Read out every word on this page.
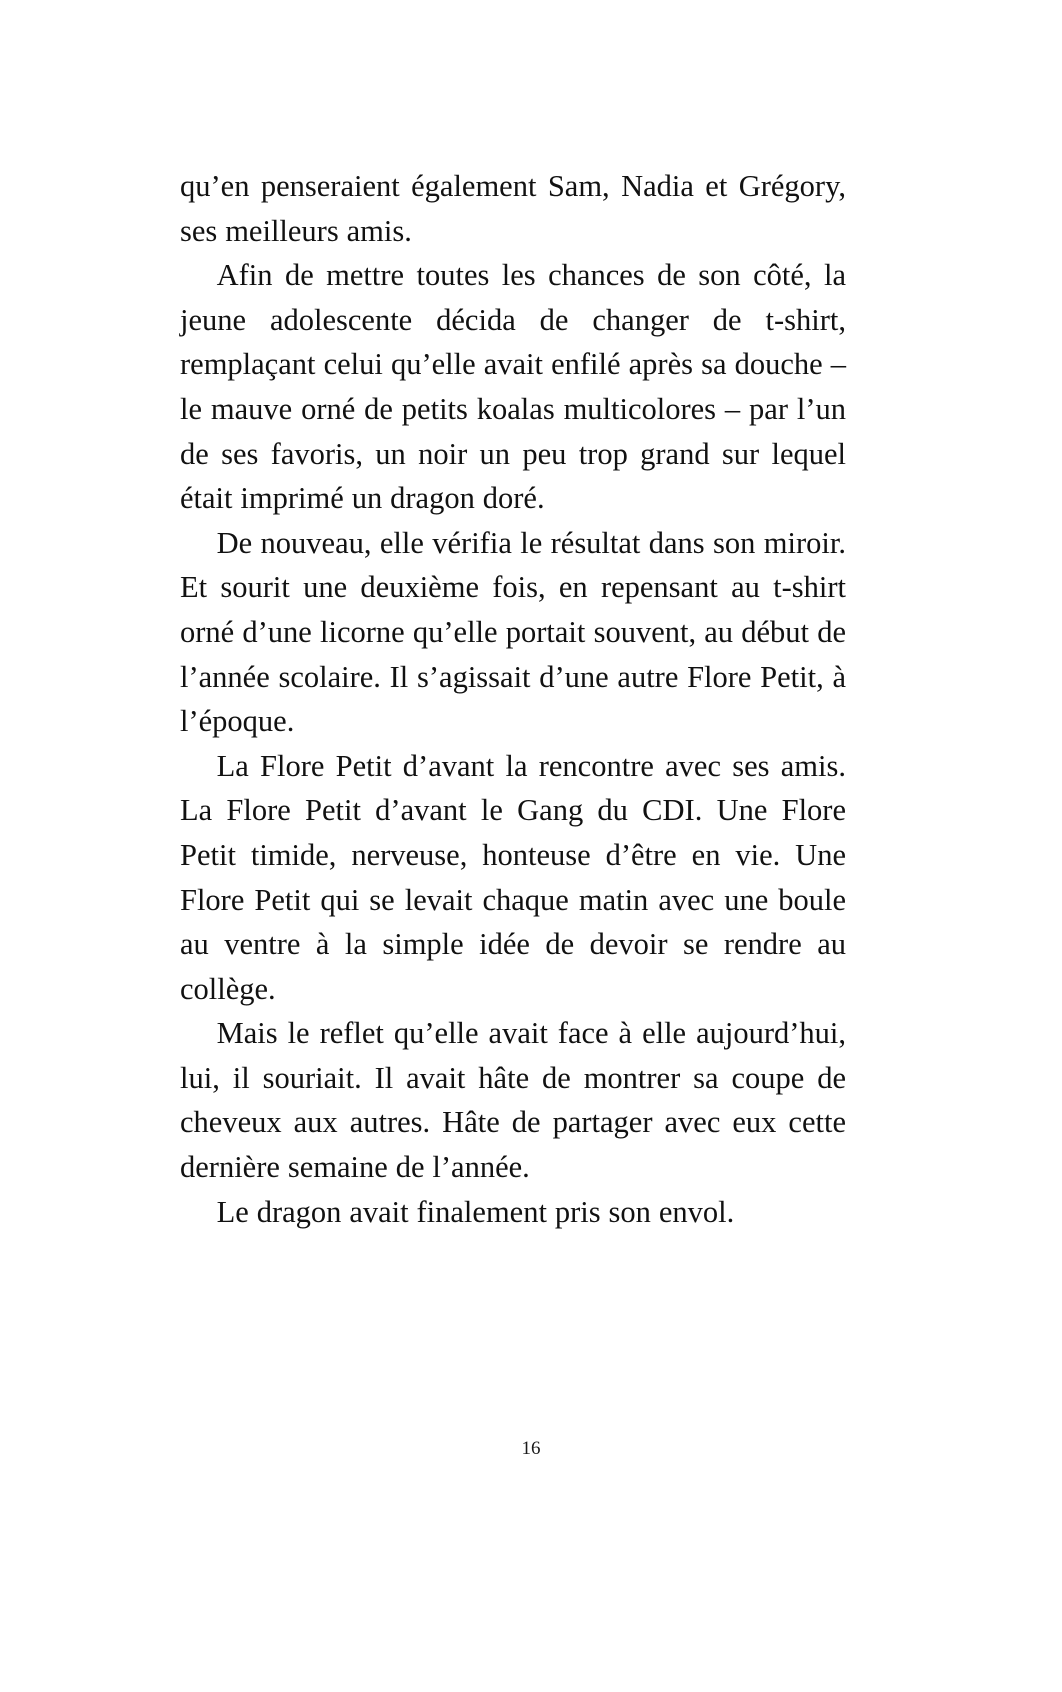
qu’en penseraient également Sam, Nadia et Grégory, ses meilleurs amis.

Afin de mettre toutes les chances de son côté, la jeune adolescente décida de changer de t-shirt, remplaçant celui qu’elle avait enfilé après sa douche – le mauve orné de petits koalas multicolores – par l’un de ses favoris, un noir un peu trop grand sur lequel était imprimé un dragon doré.

De nouveau, elle vérifia le résultat dans son miroir. Et sourit une deuxième fois, en repensant au t-shirt orné d’une licorne qu’elle portait souvent, au début de l’année scolaire. Il s’agissait d’une autre Flore Petit, à l’époque.

La Flore Petit d’avant la rencontre avec ses amis. La Flore Petit d’avant le Gang du CDI. Une Flore Petit timide, nerveuse, honteuse d’être en vie. Une Flore Petit qui se levait chaque matin avec une boule au ventre à la simple idée de devoir se rendre au collège.

Mais le reflet qu’elle avait face à elle aujourd’hui, lui, il souriait. Il avait hâte de montrer sa coupe de cheveux aux autres. Hâte de partager avec eux cette dernière semaine de l’année.

Le dragon avait finalement pris son envol.

16
